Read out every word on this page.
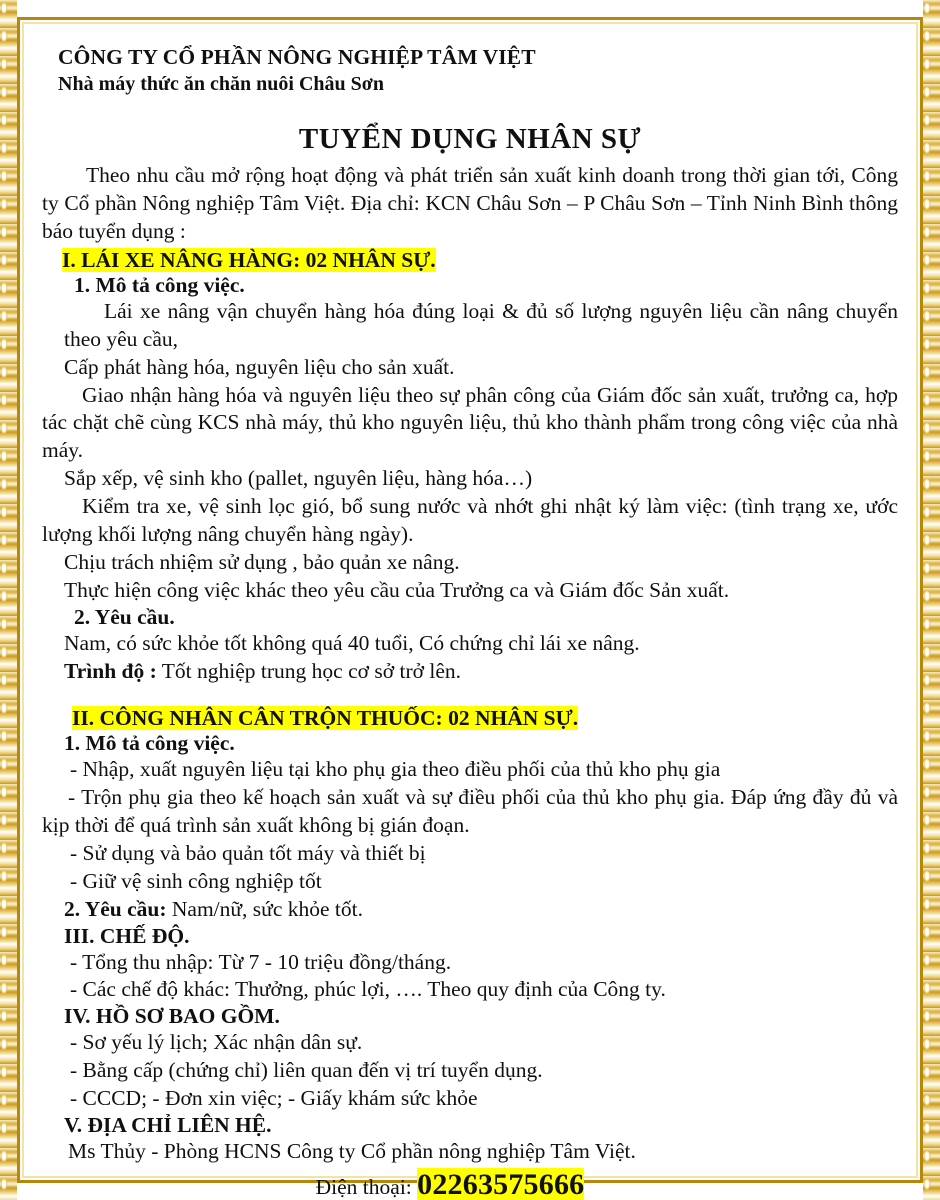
CÔNG TY CỔ PHẦN NÔNG NGHIỆP TÂM VIỆT
Nhà máy thức ăn chăn nuôi Châu Sơn
TUYỂN DỤNG NHÂN SỰ

Theo nhu cầu mở rộng hoạt động và phát triển sản xuất kinh doanh trong thời gian tới, Công ty Cổ phần Nông nghiệp Tâm Việt. Địa chỉ: KCN Châu Sơn – P Châu Sơn – Tỉnh Ninh Bình thông báo tuyển dụng :

I. LÁI XE NÂNG HÀNG: 02 NHÂN SỰ.
1. Mô tả công việc.

Lái xe nâng vận chuyển hàng hóa đúng loại & đủ số lượng nguyên liệu cần nâng chuyển theo yêu cầu,

Cấp phát hàng hóa, nguyên liệu cho sản xuất.

Giao nhận hàng hóa và nguyên liệu theo sự phân công của Giám đốc sản xuất, trưởng ca, hợp tác chặt chẽ cùng KCS nhà máy, thủ kho nguyên liệu, thủ kho thành phẩm trong công việc của nhà máy.

Sắp xếp, vệ sinh kho (pallet, nguyên liệu, hàng hóa…)

Kiểm tra xe, vệ sinh lọc gió, bổ sung nước và nhớt ghi nhật ký làm việc: (tình trạng xe, ước lượng khối lượng nâng chuyển hàng ngày).

Chịu trách nhiệm sử dụng , bảo quản xe nâng.

Thực hiện công việc khác theo yêu cầu của Trưởng ca và Giám đốc Sản xuất.

2. Yêu cầu.

Nam, có sức khỏe tốt không quá 40 tuổi, Có chứng chỉ lái xe nâng.

Trình độ : Tốt nghiệp trung học cơ sở trở lên.

II. CÔNG NHÂN CÂN TRỘN THUỐC: 02 NHÂN SỰ.
1. Mô tả công việc.

- Nhập, xuất nguyên liệu tại kho phụ gia theo điều phối của thủ kho phụ gia

- Trộn phụ gia theo kế hoạch sản xuất và sự điều phối của thủ kho phụ gia. Đáp ứng đầy đủ và kịp thời để quá trình sản xuất không bị gián đoạn.

- Sử dụng và bảo quản tốt máy và thiết bị

- Giữ vệ sinh công nghiệp tốt

2. Yêu cầu: Nam/nữ, sức khỏe tốt.

III. CHẾ ĐỘ.

- Tổng thu nhập: Từ 7 - 10 triệu đồng/tháng.

- Các chế độ khác: Thưởng, phúc lợi, …. Theo quy định của Công ty.

IV. HỒ SƠ BAO GỒM.

- Sơ yếu lý lịch; Xác nhận dân sự.

- Bằng cấp (chứng chỉ) liên quan đến vị trí tuyển dụng.

- CCCD; - Đơn xin việc; - Giấy khám sức khỏe

V. ĐỊA CHỈ LIÊN HỆ.

Ms Thủy - Phòng HCNS Công ty Cổ phần nông nghiệp Tâm Việt.

Điện thoại: 02263575666
